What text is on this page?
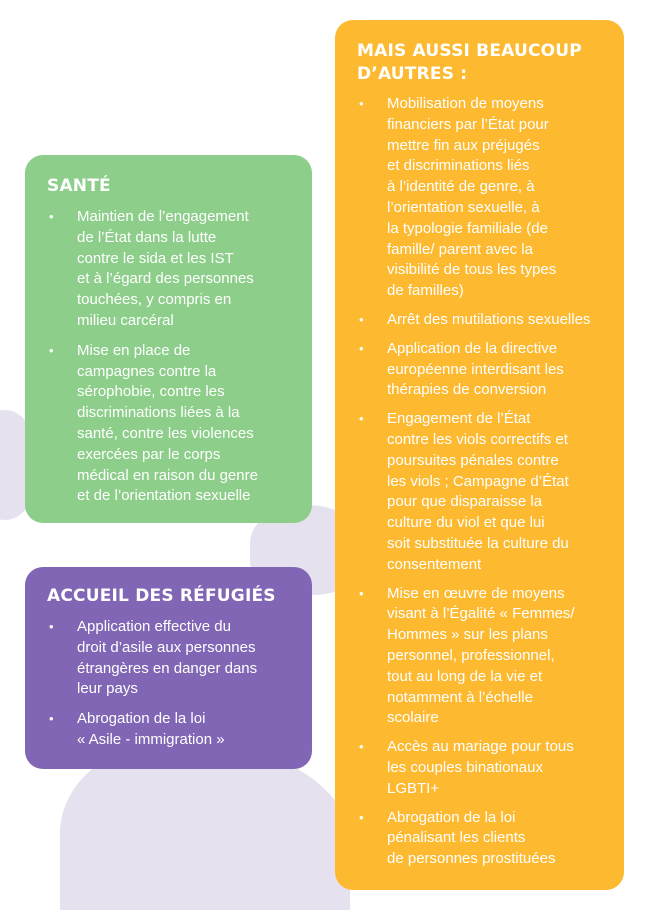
SANTÉ
• Maintien de l’engagement
de l’État dans la lutte
contre le sida et les IST
et à l’égard des personnes
touchées, y compris en
milieu carcéral
• Mise en place de
campagnes contre la
sérophobie, contre les
discriminations liées à la
santé, contre les violences
exercées par le corps
médical en raison du genre
et de l’orientation sexuelle
ACCUEIL DES RÉFUGIÉS
• Application effective du
droit d’asile aux personnes
étrangères en danger dans
leur pays
• Abrogation de la loi
« Asile - immigration »
MAIS AUSSI BEAUCOUP
D’AUTRES :
• Mobilisation de moyens
financiers par l’État pour
mettre fin aux préjugés
et discriminations liés
à l’identité de genre, à
l’orientation sexuelle, à
la typologie familiale (de
famille/ parent avec la
visibilité de tous les types
de familles)
• Arrêt des mutilations sexuelles
• Application de la directive
européenne interdisant les
thérapies de conversion
• Engagement de l’État
contre les viols correctifs et
poursuites pénales contre
les viols ; Campagne d’État
pour que disparaisse la
culture du viol et que lui
soit substituée la culture du
consentement
• Mise en œuvre de moyens
visant à l’Égalité « Femmes/
Hommes » sur les plans
personnel, professionnel,
tout au long de la vie et
notamment à l’échelle
scolaire
• Accès au mariage pour tous
les couples binationaux
LGBTI+
• Abrogation de la loi
pénalisant les clients
de personnes prostituées
